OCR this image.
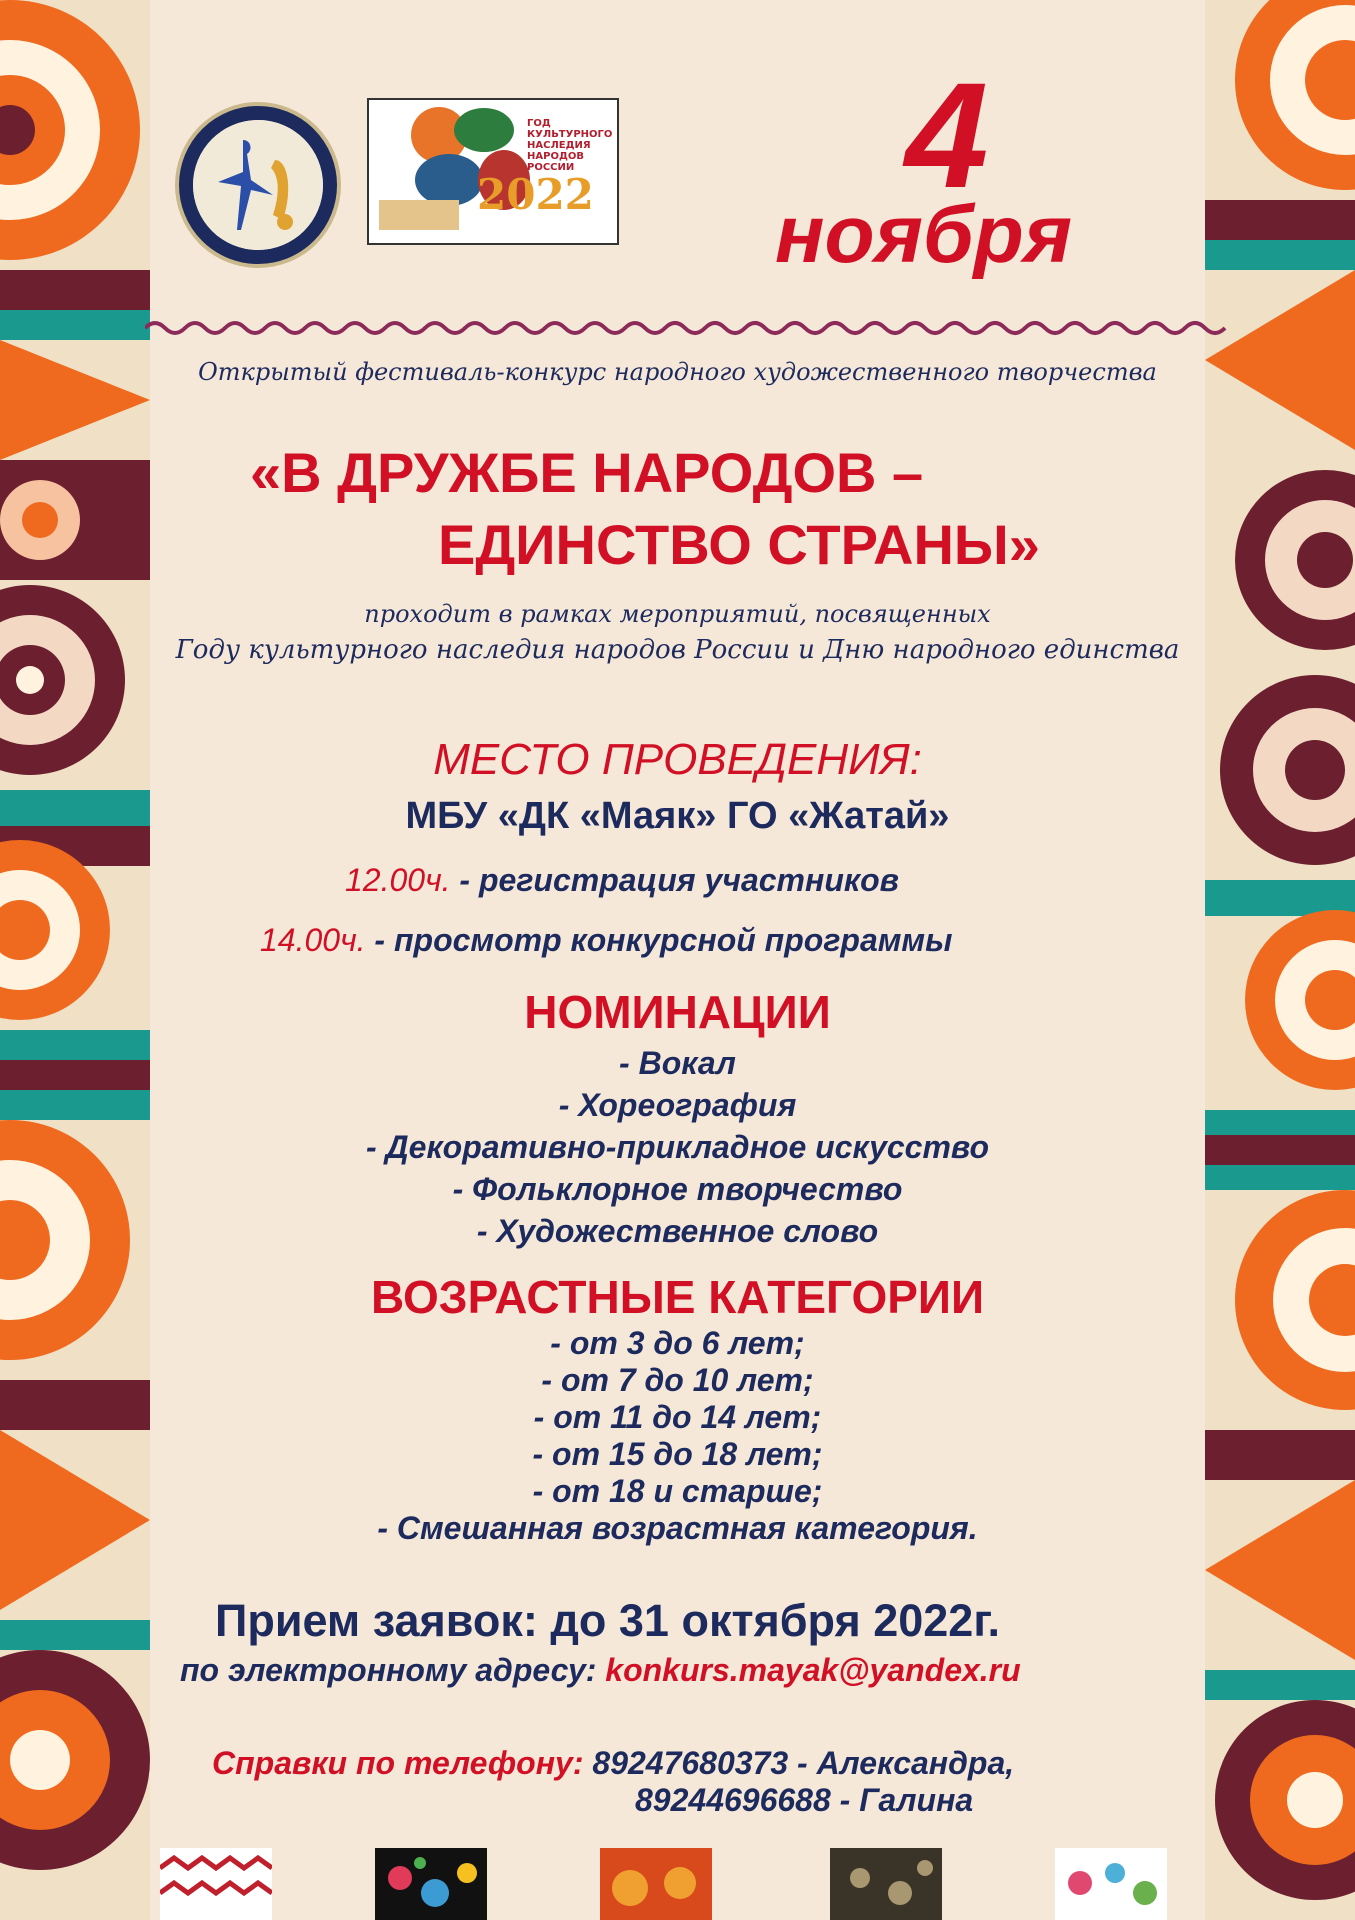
ГОД КУЛЬТУРНОГО НАСЛЕДИЯ НАРОДОВ РОССИИ
2022 4
ноября
Открытый фестиваль-конкурс народного художественного творчества
«В ДРУЖБЕ НАРОДОВ –
ЕДИНСТВО СТРАНЫ»
проходит в рамках мероприятий, посвященных
Году культурного наследия народов России и Дню народного единства
МЕСТО ПРОВЕДЕНИЯ:
МБУ «ДК «Маяк» ГО «Жатай»
12.00ч. - регистрация участников
14.00ч. - просмотр конкурсной программы
НОМИНАЦИИ
- Вокал
- Хореография
- Декоративно-прикладное искусство
- Фольклорное творчество
- Художественное слово
ВОЗРАСТНЫЕ КАТЕГОРИИ
- от 3 до 6 лет;
- от 7 до 10 лет;
- от 11 до 14 лет;
- от 15 до 18 лет;
- от 18 и старше;
- Смешанная возрастная категория.
Прием заявок: до 31 октября 2022г.
по электронному адресу: konkurs.mayak@yandex.ru
Справки по телефону: 89247680373 - Александра,
89244696688 - Галина
